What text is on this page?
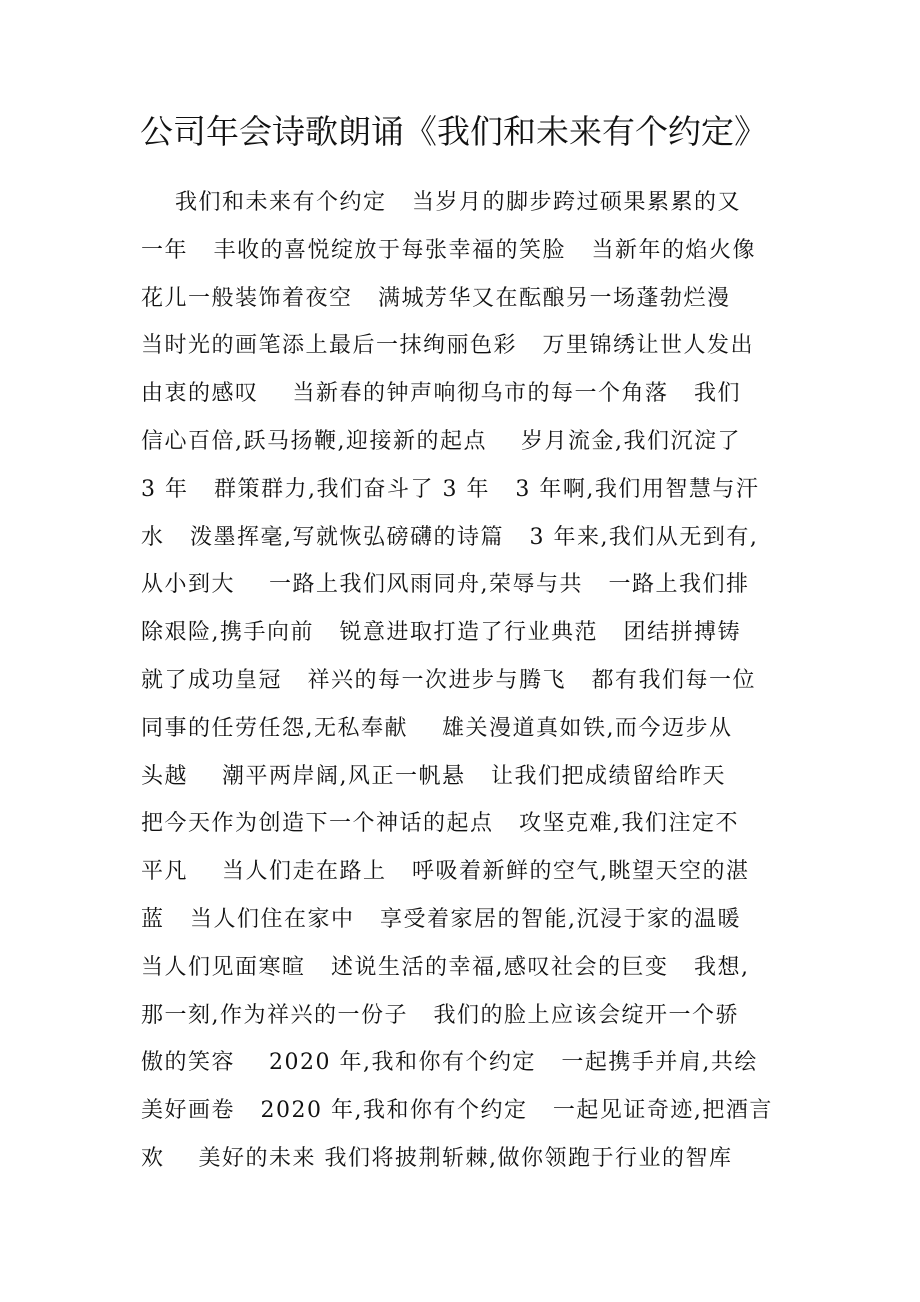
公司年会诗歌朗诵《我们和未来有个约定》
我们和未来有个约定   当岁月的脚步跨过硕果累累的又
一年   丰收的喜悦绽放于每张幸福的笑脸   当新年的焰火像
花儿一般装饰着夜空   满城芳华又在酝酿另一场蓬勃烂漫
当时光的画笔添上最后一抹绚丽色彩   万里锦绣让世人发出
由衷的感叹    当新春的钟声响彻乌市的每一个角落   我们
信心百倍,跃马扬鞭,迎接新的起点    岁月流金,我们沉淀了
3 年   群策群力,我们奋斗了 3 年   3 年啊,我们用智慧与汗
水   泼墨挥毫,写就恢弘磅礴的诗篇   3 年来,我们从无到有,
从小到大    一路上我们风雨同舟,荣辱与共   一路上我们排
除艰险,携手向前   锐意进取打造了行业典范   团结拼搏铸
就了成功皇冠   祥兴的每一次进步与腾飞   都有我们每一位
同事的任劳任怨,无私奉献    雄关漫道真如铁,而今迈步从
头越    潮平两岸阔,风正一帆悬   让我们把成绩留给昨天
把今天作为创造下一个神话的起点   攻坚克难,我们注定不
平凡    当人们走在路上   呼吸着新鲜的空气,眺望天空的湛
蓝   当人们住在家中   享受着家居的智能,沉浸于家的温暖
当人们见面寒暄   述说生活的幸福,感叹社会的巨变   我想,
那一刻,作为祥兴的一份子   我们的脸上应该会绽开一个骄
傲的笑容    2020 年,我和你有个约定   一起携手并肩,共绘
美好画卷   2020 年,我和你有个约定   一起见证奇迹,把酒言
欢    美好的未来 我们将披荆斩棘,做你领跑于行业的智库
